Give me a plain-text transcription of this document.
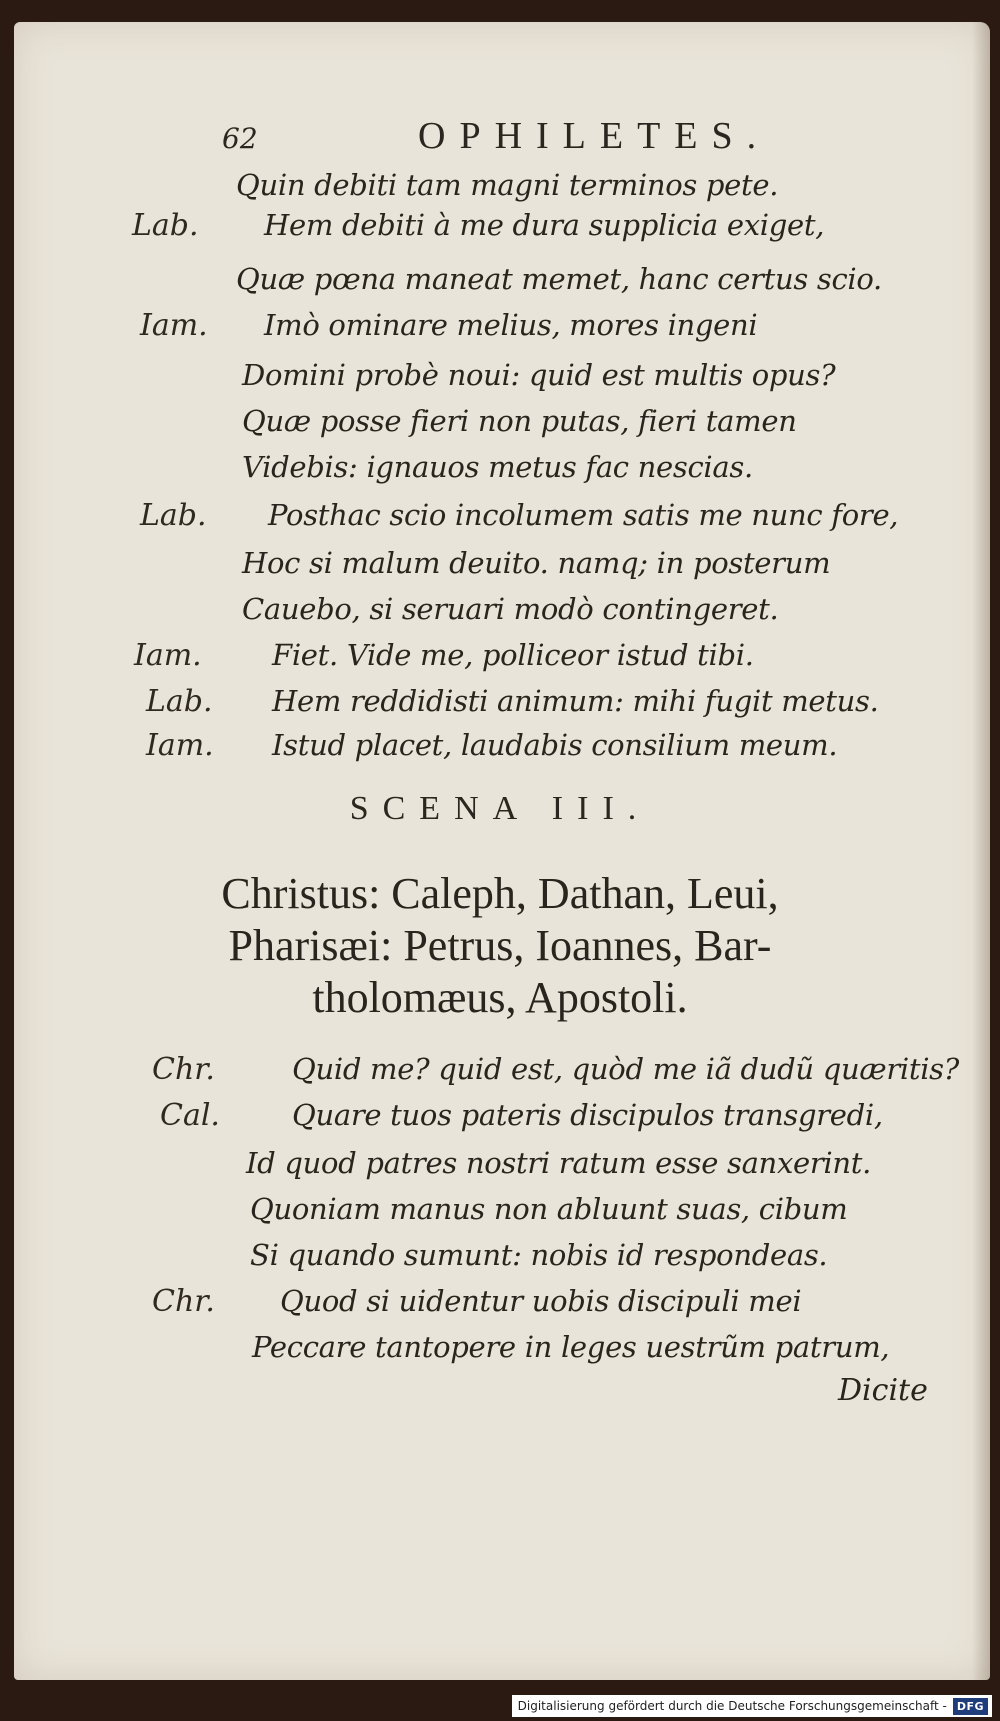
62	OPHILETES.
Quin debiti tam magni terminos pete.
Lab. Hem debiti à me dura supplicia exiget,
Quæ pœna maneat memet, hanc certus scio.
Iam. Imò ominare melius, mores ingeni
Domini probè noui: quid est multis opus?
Quæ posse fieri non putas, fieri tamen
Videbis: ignauos metus fac nescias.
Lab. Posthac scio incolumem satis me nunc fore,
Hoc si malum deuito. namq; in posterum
Cauebo, si seruari modò contingeret.
Iam. Fiet. Vide me, polliceor istud tibi.
Lab. Hem reddidisti animum: mihi fugit metus.
Iam. Istud placet, laudabis consilium meum.
SCENA III.
Christus: Caleph, Dathan, Leui,
Pharisæi: Petrus, Ioannes, Bar-
tholomæus, Apostoli.
Chr.	Quid me? quid est, quòd me iã dudũ quæritis?
Cal. Quare tuos pateris discipulos transgredi,
Id quod patres nostri ratum esse sanxerint.
Quoniam manus non abluunt suas, cibum
Si quando sumunt: nobis id respondeas.
Chr. Quod si uidentur uobis discipuli mei
Peccare tantopere in leges uestrũm patrum,
Dicite
Digitalisierung gefördert durch die Deutsche Forschungsgemeinschaft - DFG
